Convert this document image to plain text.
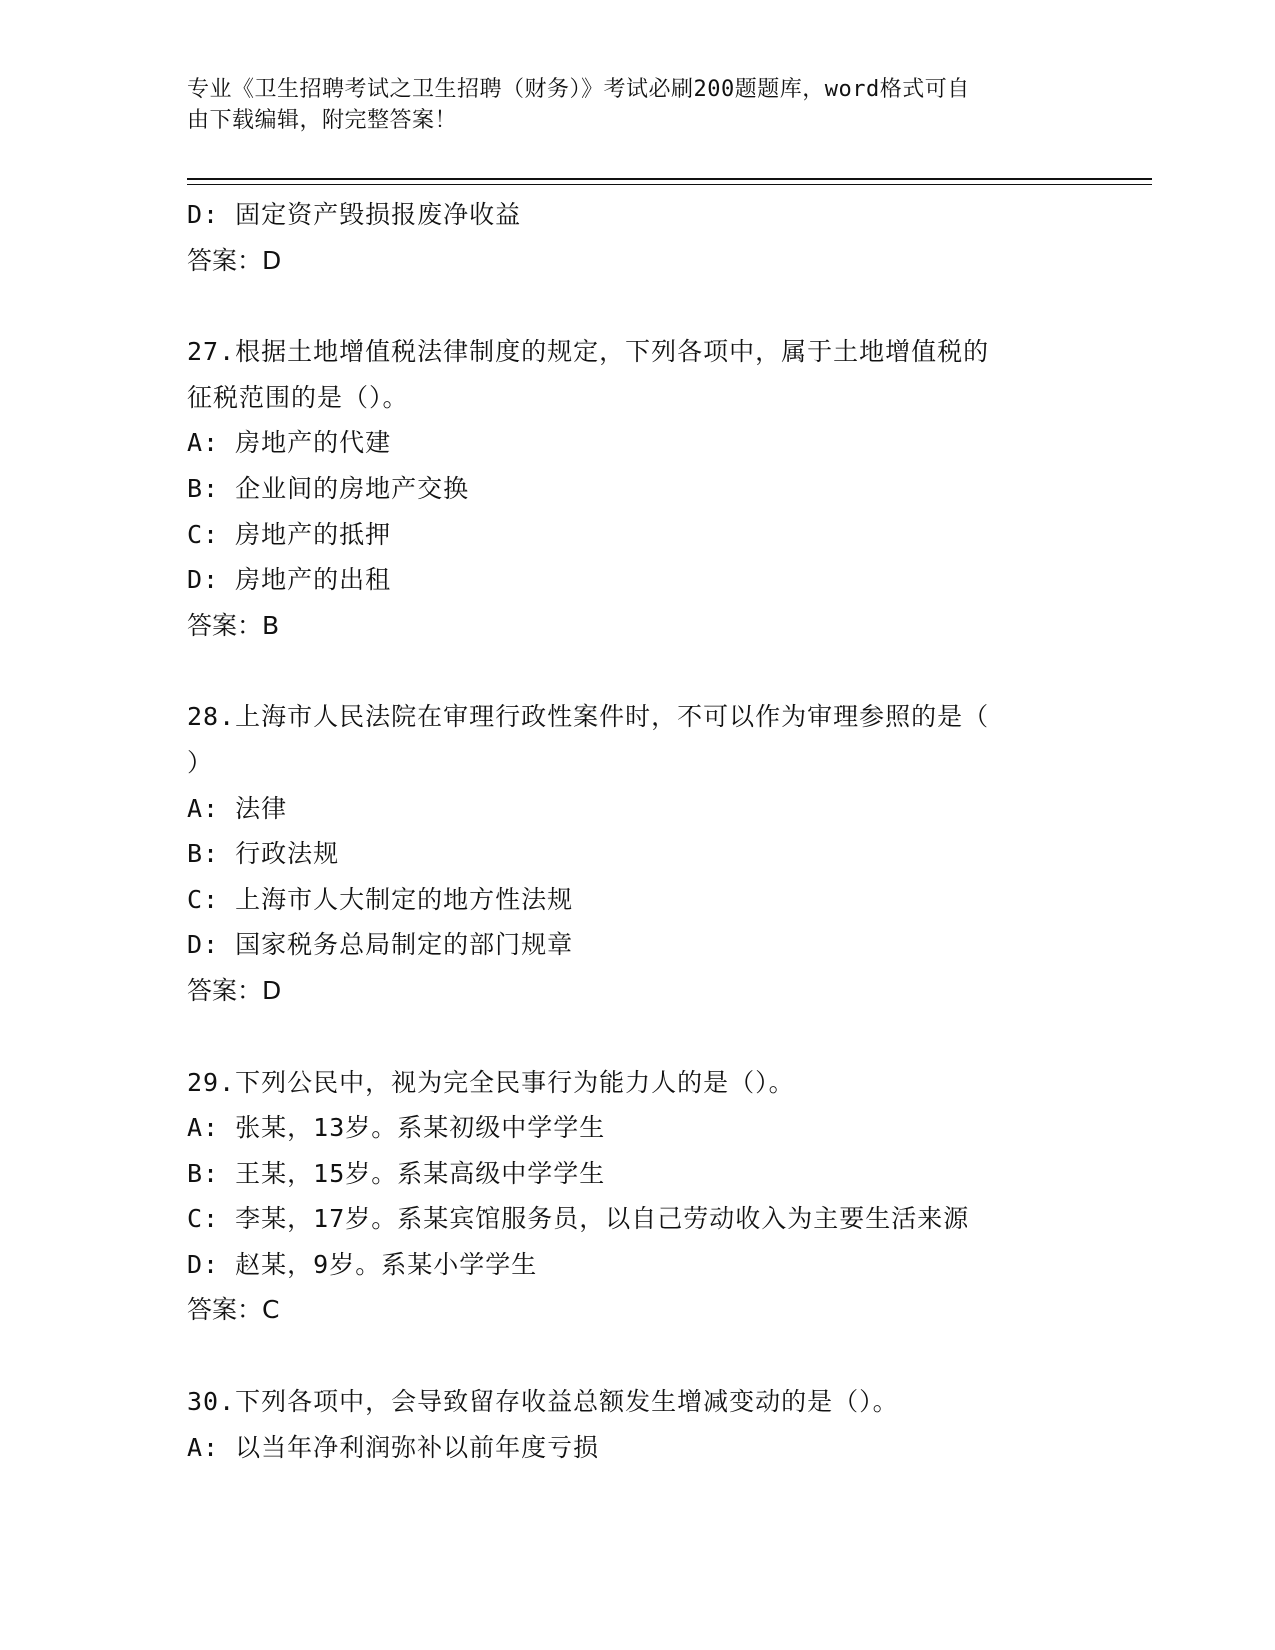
专业《卫生招聘考试之卫生招聘（财务）》考试必刷200题题库，word格式可自
由下载编辑，附完整答案！
D: 固定资产毁损报废净收益
答案：D
27.根据土地增值税法律制度的规定，下列各项中，属于土地增值税的
征税范围的是（）。
A: 房地产的代建
B: 企业间的房地产交换
C: 房地产的抵押
D: 房地产的出租
答案：B
28.上海市人民法院在审理行政性案件时，不可以作为审理参照的是（
）
A: 法律
B: 行政法规
C: 上海市人大制定的地方性法规
D: 国家税务总局制定的部门规章
答案：D
29.下列公民中，视为完全民事行为能力人的是（）。
A: 张某，13岁。系某初级中学学生
B: 王某，15岁。系某高级中学学生
C: 李某，17岁。系某宾馆服务员，以自己劳动收入为主要生活来源
D: 赵某，9岁。系某小学学生
答案：C
30.下列各项中，会导致留存收益总额发生增减变动的是（）。
A: 以当年净利润弥补以前年度亏损
